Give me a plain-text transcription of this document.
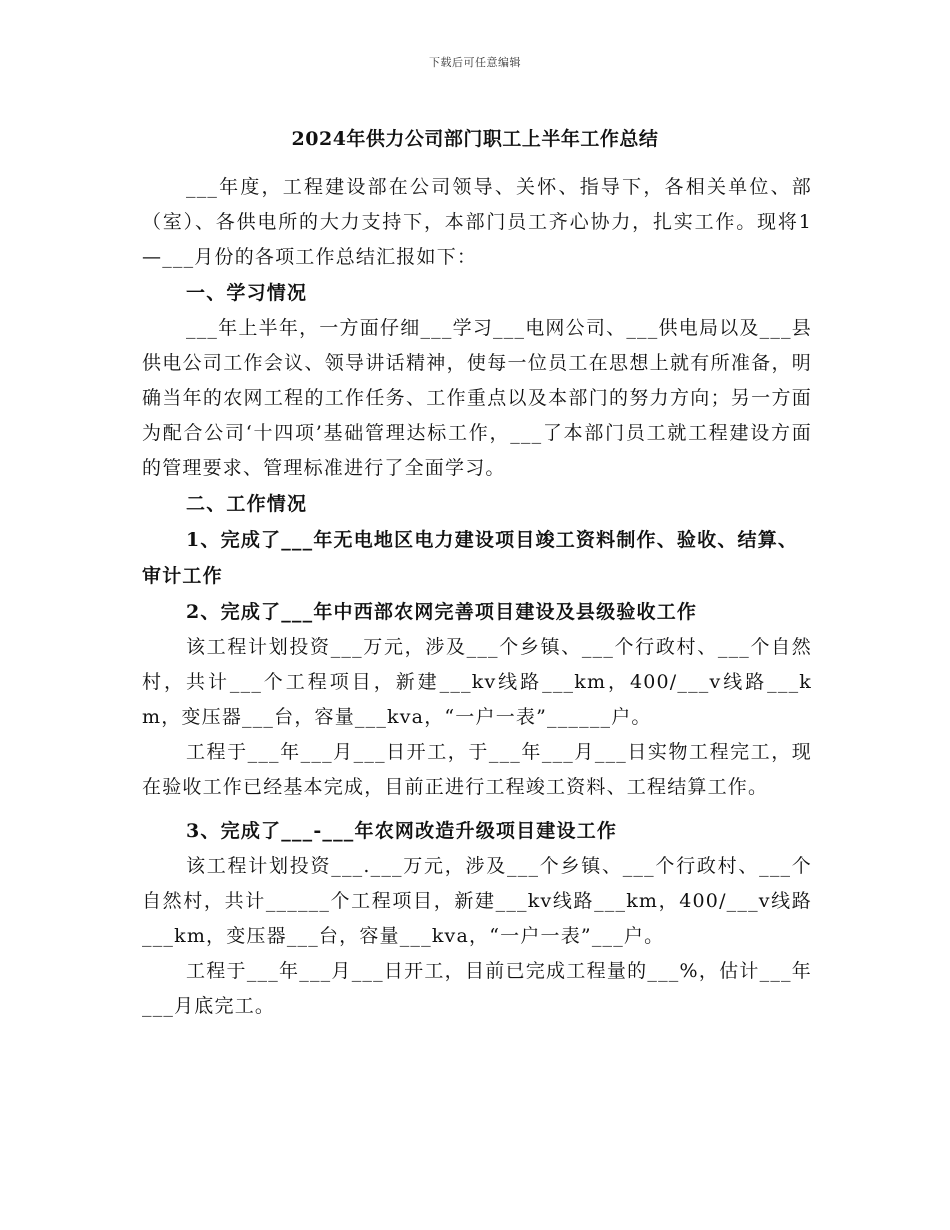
下载后可任意编辑
2024年供力公司部门职工上半年工作总结

___年度，工程建设部在公司领导、关怀、指导下，各相关单位、部（室）、各供电所的大力支持下，本部门员工齐心协力，扎实工作。现将1—___月份的各项工作总结汇报如下：

一、学习情况

___年上半年，一方面仔细___学习___电网公司、___供电局以及___县供电公司工作会议、领导讲话精神，使每一位员工在思想上就有所准备，明确当年的农网工程的工作任务、工作重点以及本部门的努力方向；另一方面为配合公司‘十四项’基础管理达标工作，___了本部门员工就工程建设方面的管理要求、管理标准进行了全面学习。

二、工作情况

1、完成了___年无电地区电力建设项目竣工资料制作、验收、结算、审计工作

2、完成了___年中西部农网完善项目建设及县级验收工作

该工程计划投资___万元，涉及___个乡镇、___个行政村、___个自然村，共计___个工程项目，新建___kv线路___km，400/___v线路___km，变压器___台，容量___kva，“一户一表”______户。

工程于___年___月___日开工，于___年___月___日实物工程完工，现在验收工作已经基本完成，目前正进行工程竣工资料、工程结算工作。

3、完成了___-___年农网改造升级项目建设工作

该工程计划投资___.___万元，涉及___个乡镇、___个行政村、___个自然村，共计______个工程项目，新建___kv线路___km，400/___v线路___km，变压器___台，容量___kva，“一户一表”___户。

工程于___年___月___日开工，目前已完成工程量的___%，估计___年___月底完工。
